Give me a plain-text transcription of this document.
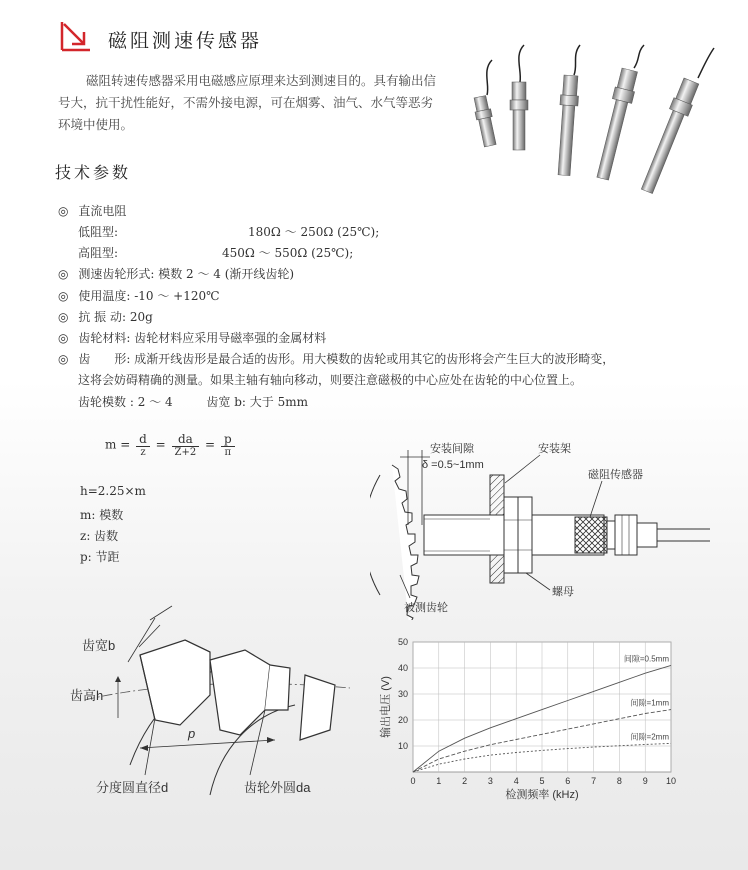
磁阻测速传感器
磁阻转速传感器采用电磁感应原理来达到测速目的。具有输出信号大，抗干扰性能好，不需外接电源，可在烟雾、油气、水气等恶劣环境中使用。
技术参数
◎ 直流电阻
低阻型:	180Ω ～ 250Ω (25℃);
高阻型:	450Ω ～ 550Ω (25℃);
◎ 测速齿轮形式: 模数 2 ～ 4 (渐开线齿轮)
◎ 使用温度: -10 ～ +120℃
◎ 抗 振 动: 20g
◎ 齿轮材料: 齿轮材料应采用导磁率强的金属材料
◎ 齿　　形: 成渐开线齿形是最合适的齿形。用大模数的齿轮或用其它的齿形将会产生巨大的波形畸变，
这将会妨碍精确的测量。如果主轴有轴向移动，则要注意磁极的中心应处在齿轮的中心位置上。
齿轮模数 : 2 ～ 4	齿宽 b: 大于 5mm
$m = \frac{d}{z} = \frac{da}{Z+2} = \frac{p}{\pi}$
h=2.25×m
m: 模数
z: 齿数
p: 节距
安装间隙
δ =0.5~1mm
安装架
磁阻传感器
螺母
被测齿轮
齿宽b
齿高h
p
分度圆直径d	齿轮外圆da	0 1 2 3 4 5 6 7 8 9 10
10
20
30
40
50
间隙=0.5mm
间隙=1mm
间隙=2mm
检测频率 (kHz)
输出电压 (V)
